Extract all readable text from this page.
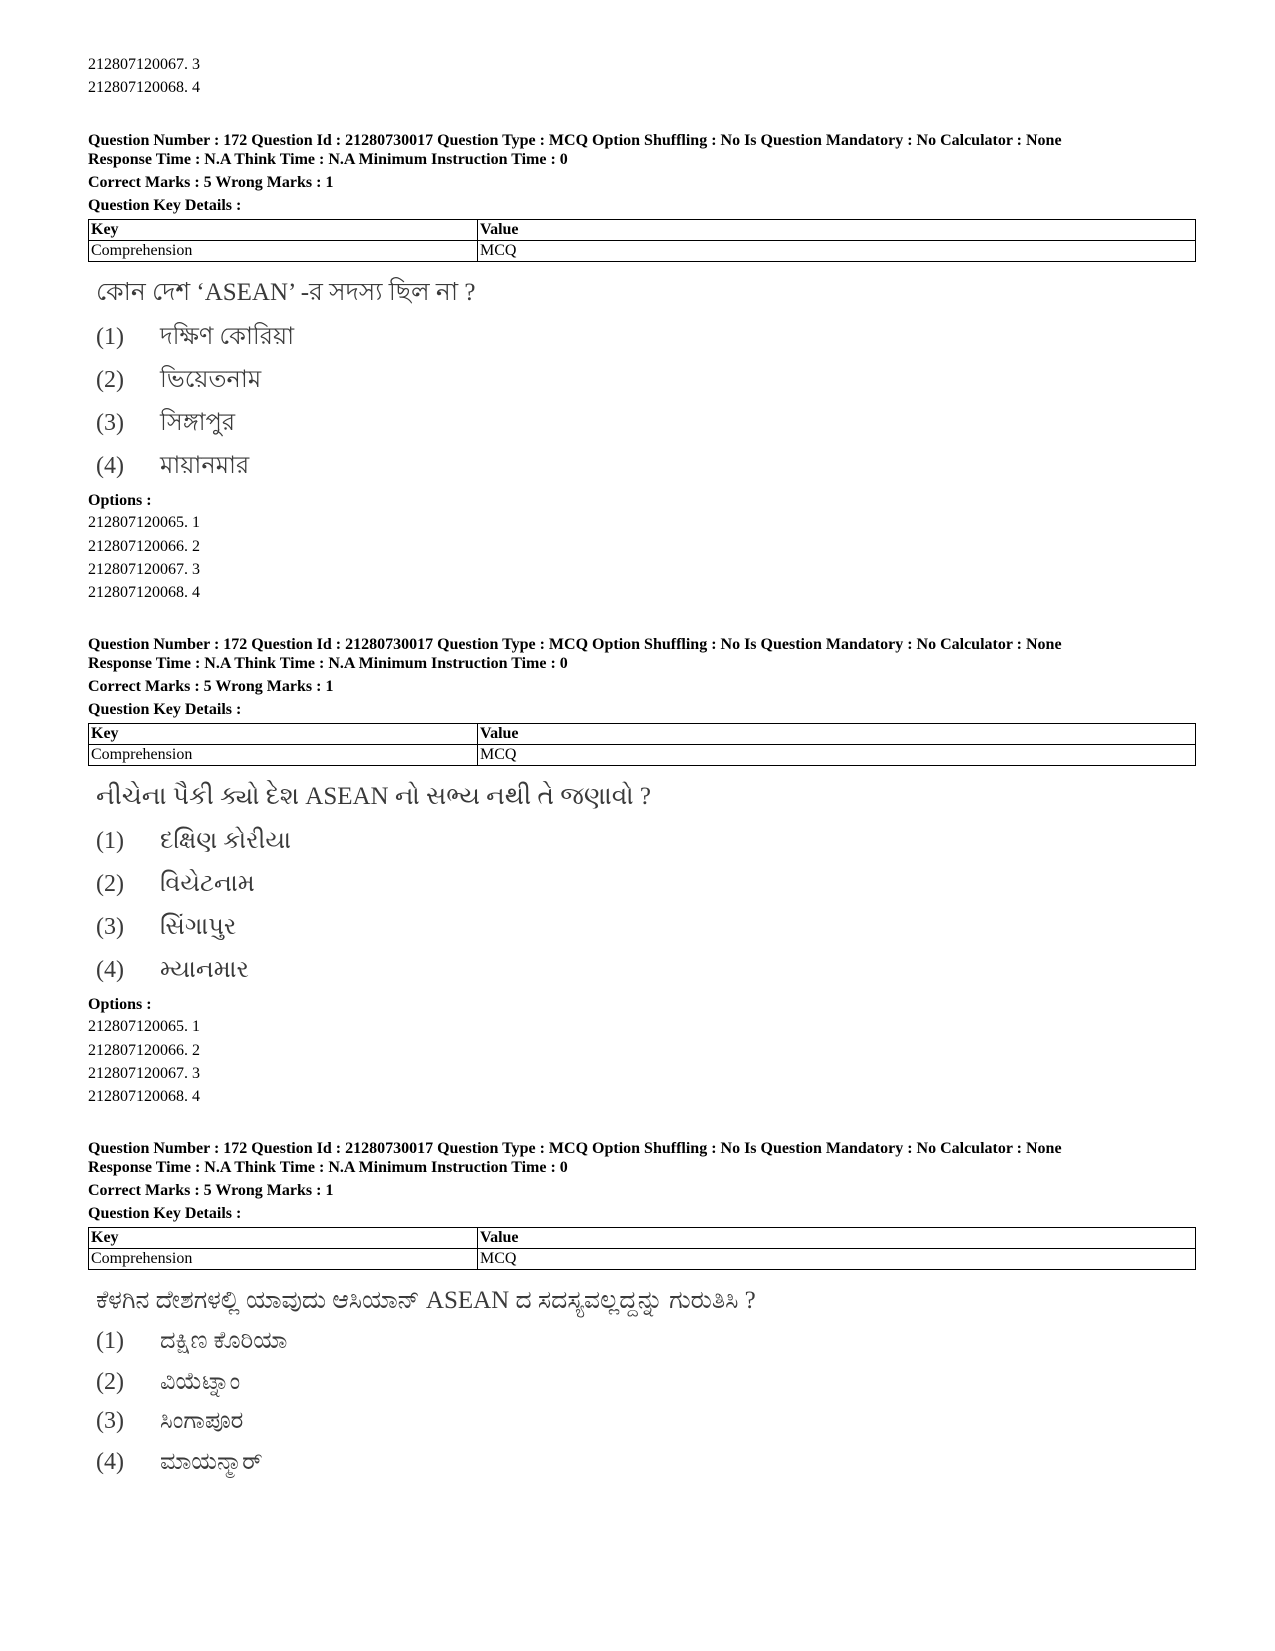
212807120067. 3
212807120068. 4
Question Number : 172 Question Id : 21280730017 Question Type : MCQ Option Shuffling : No Is Question Mandatory : No Calculator : None
Response Time : N.A Think Time : N.A Minimum Instruction Time : 0
Correct Marks : 5 Wrong Marks : 1
Question Key Details :
Key	Value
Comprehension	MCQ
কোন দেশ ‘ASEAN’ -র সদস্য ছিল না ?
(1) দক্ষিণ কোরিয়া
(2) ভিয়েতনাম
(3) সিঙ্গাপুর
(4) মায়ানমার
Options :
212807120065. 1
212807120066. 2
212807120067. 3
212807120068. 4
Question Number : 172 Question Id : 21280730017 Question Type : MCQ Option Shuffling : No Is Question Mandatory : No Calculator : None
Response Time : N.A Think Time : N.A Minimum Instruction Time : 0
Correct Marks : 5 Wrong Marks : 1
Question Key Details :
Key	Value
Comprehension	MCQ
નીચેના પૈકી ક્યો દેશ ASEAN નો સભ્ય નથી તે જણાવો ?
(1) દક્ષિણ કોરીયા
(2) વિયેટનામ
(3) સિંગાપુર
(4) મ્યાનમાર
Options :
212807120065. 1
212807120066. 2
212807120067. 3
212807120068. 4
Question Number : 172 Question Id : 21280730017 Question Type : MCQ Option Shuffling : No Is Question Mandatory : No Calculator : None
Response Time : N.A Think Time : N.A Minimum Instruction Time : 0
Correct Marks : 5 Wrong Marks : 1
Question Key Details :
Key	Value
Comprehension	MCQ
ಕೆಳಗಿನ ದೇಶಗಳಲ್ಲಿ ಯಾವುದು ಆಸಿಯಾನ್ ASEAN ದ ಸದಸ್ಯವಲ್ಲದ್ದನ್ನು ಗುರುತಿಸಿ ?
(1) ದಕ್ಷಿಣ ಕೊರಿಯಾ
(2) ವಿಯೆಟ್ನಾಂ
(3) ಸಿಂಗಾಪೂರ
(4) ಮಾಯನ್ಮಾರ್
